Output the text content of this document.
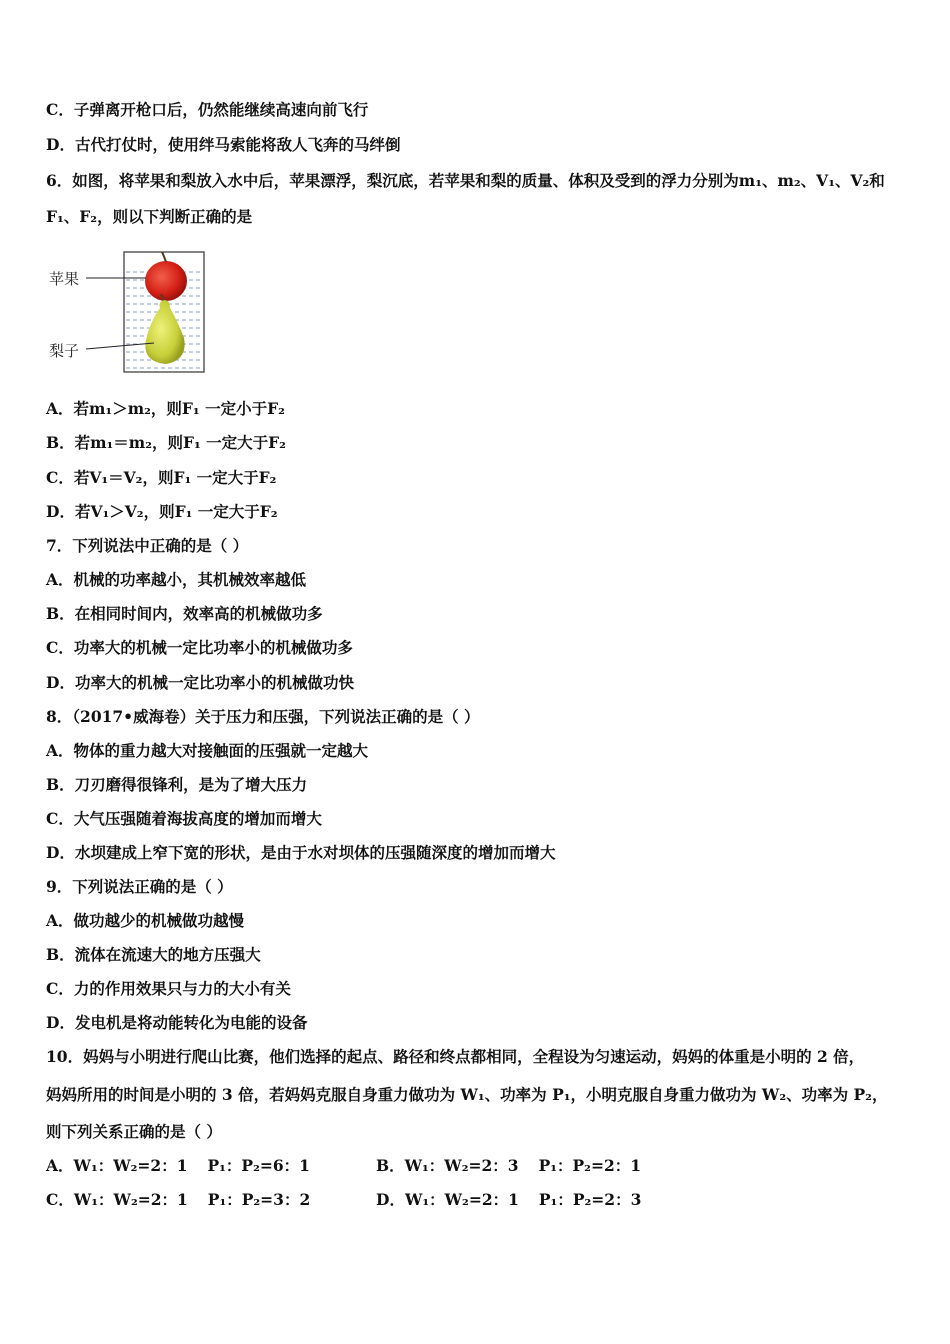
C．子弹离开枪口后，仍然能继续高速向前飞行
D．古代打仗时，使用绊马索能将敌人飞奔的马绊倒
6．如图，将苹果和梨放入水中后，苹果漂浮，梨沉底，若苹果和梨的质量、体积及受到的浮力分别为m₁、m₂、V₁、V₂和
F₁、F₂，则以下判断正确的是
苹果
梨子
A．若m₁＞m₂，则F₁ 一定小于F₂
B．若m₁＝m₂，则F₁ 一定大于F₂
C．若V₁＝V₂，则F₁ 一定大于F₂
D．若V₁＞V₂，则F₁ 一定大于F₂
7．下列说法中正确的是（ ）
A．机械的功率越小，其机械效率越低
B．在相同时间内，效率高的机械做功多
C．功率大的机械一定比功率小的机械做功多
D．功率大的机械一定比功率小的机械做功快
8．（2017•威海卷）关于压力和压强，下列说法正确的是（ ）
A．物体的重力越大对接触面的压强就一定越大
B．刀刃磨得很锋利，是为了增大压力
C．大气压强随着海拔高度的增加而增大
D．水坝建成上窄下宽的形状，是由于水对坝体的压强随深度的增加而增大
9．下列说法正确的是（ ）
A．做功越少的机械做功越慢
B．流体在流速大的地方压强大
C．力的作用效果只与力的大小有关
D．发电机是将动能转化为电能的设备
10．妈妈与小明进行爬山比赛，他们选择的起点、路径和终点都相同，全程设为匀速运动，妈妈的体重是小明的 2 倍，
妈妈所用的时间是小明的 3 倍，若妈妈克服自身重力做功为 W₁、功率为 P₁，小明克服自身重力做功为 W₂、功率为 P₂，
则下列关系正确的是（ ）
A．W₁：W₂=2：1 P₁：P₂=6：1	B．W₁：W₂=2：3 P₁：P₂=2：1
C．W₁：W₂=2：1 P₁：P₂=3：2	D．W₁：W₂=2：1 P₁：P₂=2：3
